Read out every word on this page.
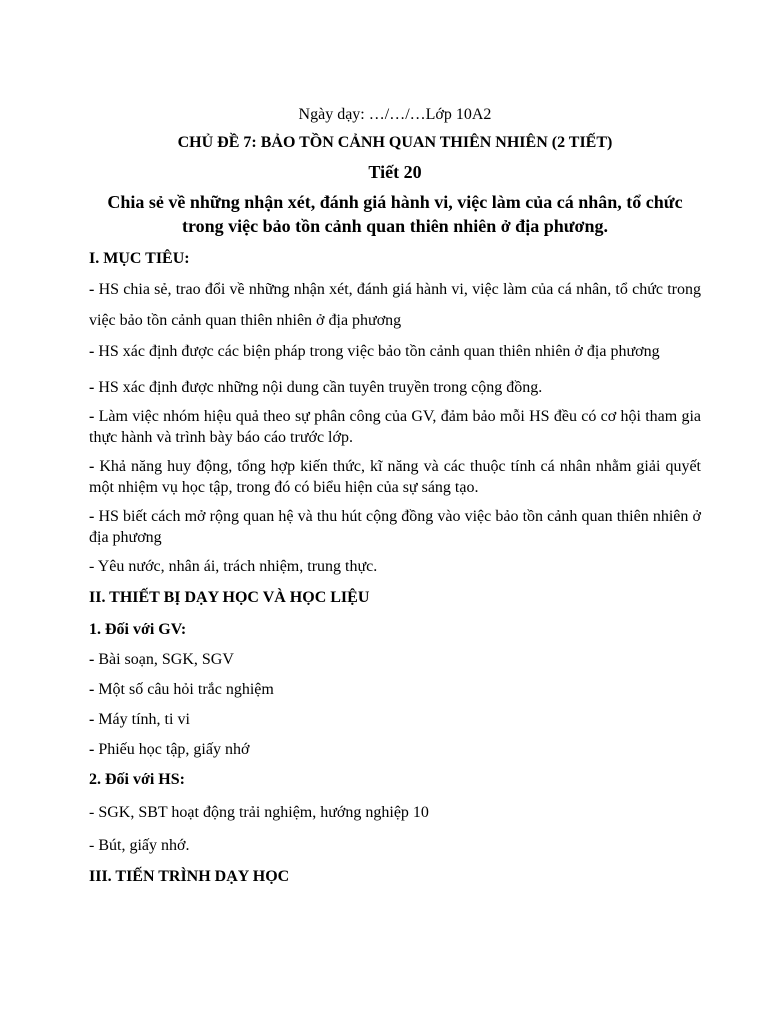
Ngày dạy: …/…/…Lớp 10A2

CHỦ ĐỀ 7: BẢO TỒN CẢNH QUAN THIÊN NHIÊN (2 TIẾT)

Tiết 20

Chia sẻ về những nhận xét, đánh giá hành vi, việc làm của cá nhân, tổ chức trong việc bảo tồn cảnh quan thiên nhiên ở địa phương.

I. MỤC TIÊU:

- HS chia sẻ, trao đổi về những nhận xét, đánh giá hành vi, việc làm của cá nhân, tổ chức trong việc bảo tồn cảnh quan thiên nhiên ở địa phương

- HS xác định được các biện pháp trong việc bảo tồn cảnh quan thiên nhiên ở địa phương

- HS xác định được những nội dung cần tuyên truyền trong cộng đồng.

- Làm việc nhóm hiệu quả theo sự phân công của GV, đảm bảo mỗi HS đều có cơ hội tham gia thực hành và trình bày báo cáo trước lớp.

- Khả năng huy động, tổng hợp kiến thức, kĩ năng và các thuộc tính cá nhân nhằm giải quyết một nhiệm vụ học tập, trong đó có biểu hiện của sự sáng tạo.

- HS biết cách mở rộng quan hệ và thu hút cộng đồng vào việc bảo tồn cảnh quan thiên nhiên ở địa phương

- Yêu nước, nhân ái, trách nhiệm, trung thực.

II. THIẾT BỊ DẠY HỌC VÀ HỌC LIỆU

1. Đối với GV:

- Bài soạn, SGK, SGV

- Một số câu hỏi trắc nghiệm

- Máy tính, ti vi

- Phiếu học tập, giấy nhớ

2. Đối với HS:

- SGK, SBT hoạt động trải nghiệm, hướng nghiệp 10

- Bút, giấy nhớ.

III. TIẾN TRÌNH DẠY HỌC
